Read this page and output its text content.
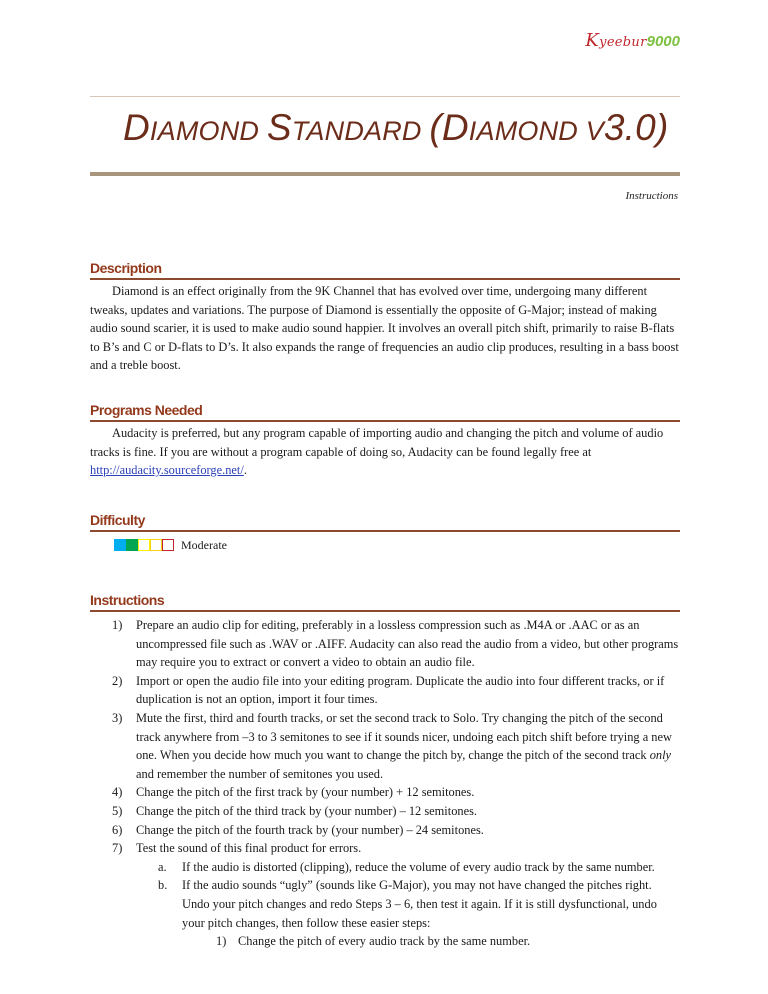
Kyeebur9000
DIAMOND STANDARD (DIAMOND V3.0)
Instructions
Description

Diamond is an effect originally from the 9K Channel that has evolved over time, undergoing many different tweaks, updates and variations. The purpose of Diamond is essentially the opposite of G-Major; instead of making audio sound scarier, it is used to make audio sound happier. It involves an overall pitch shift, primarily to raise B-flats to B’s and C or D-flats to D’s. It also expands the range of frequencies an audio clip produces, resulting in a bass boost and a treble boost.

Programs Needed

Audacity is preferred, but any program capable of importing audio and changing the pitch and volume of audio tracks is fine. If you are without a program capable of doing so, Audacity can be found legally free at http://audacity.sourceforge.net/.

Difficulty
Moderate
Instructions
1) Prepare an audio clip for editing, preferably in a lossless compression such as .M4A or .AAC or as an uncompressed file such as .WAV or .AIFF. Audacity can also read the audio from a video, but other programs may require you to extract or convert a video to obtain an audio file.
2) Import or open the audio file into your editing program. Duplicate the audio into four different tracks, or if duplication is not an option, import it four times.
3) Mute the first, third and fourth tracks, or set the second track to Solo. Try changing the pitch of the second track anywhere from –3 to 3 semitones to see if it sounds nicer, undoing each pitch shift before trying a new one. When you decide how much you want to change the pitch by, change the pitch of the second track only and remember the number of semitones you used.
4) Change the pitch of the first track by (your number) + 12 semitones.
5) Change the pitch of the third track by (your number) – 12 semitones.
6) Change the pitch of the fourth track by (your number) – 24 semitones.
7) Test the sound of this final product for errors.
a. If the audio is distorted (clipping), reduce the volume of every audio track by the same number.
b. If the audio sounds “ugly” (sounds like G-Major), you may not have changed the pitches right. Undo your pitch changes and redo Steps 3 – 6, then test it again. If it is still dysfunctional, undo your pitch changes, then follow these easier steps:
1) Change the pitch of every audio track by the same number.
